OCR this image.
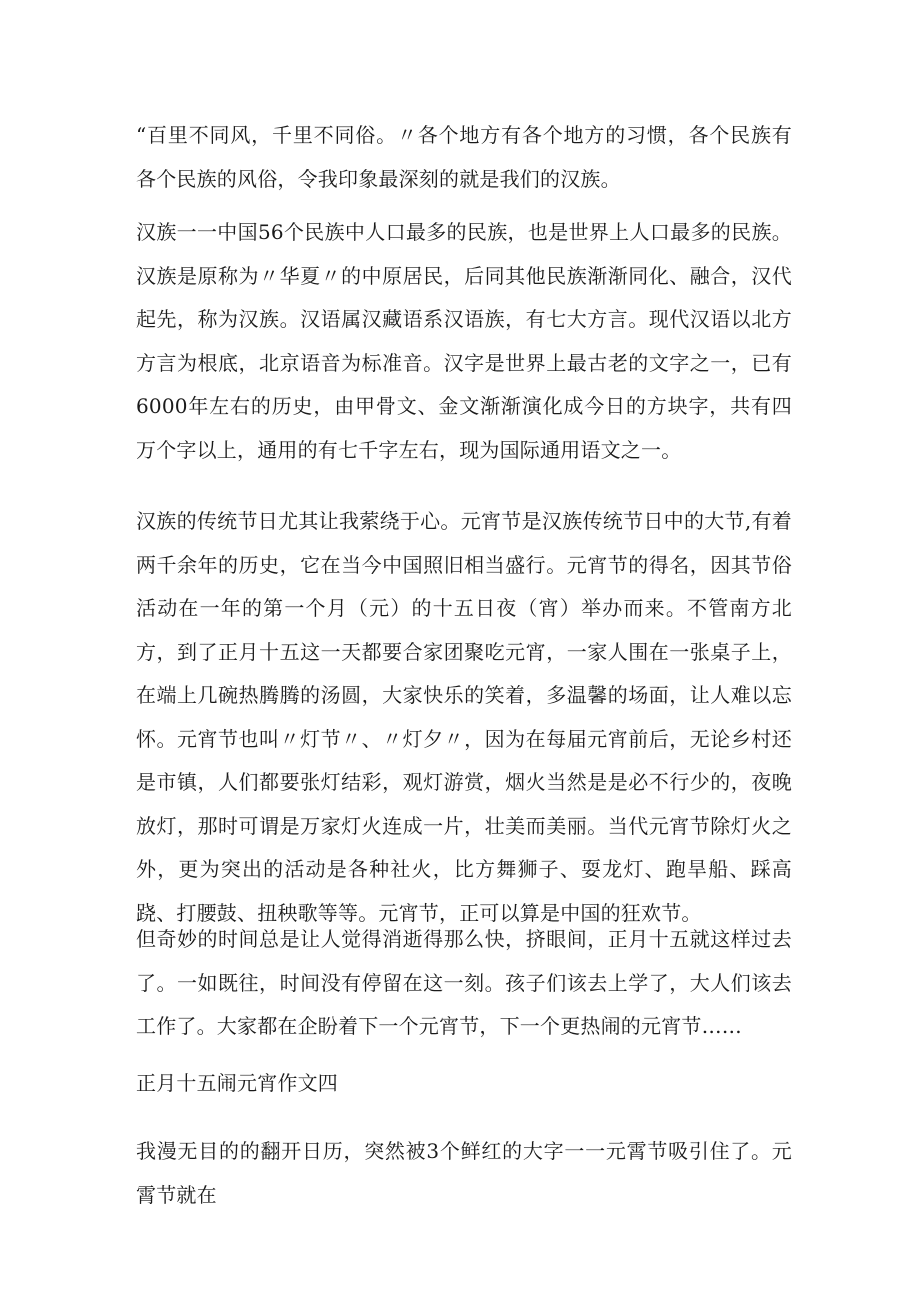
“百里不同风，千里不同俗。〃各个地方有各个地方的习惯，各个民族有各个民族的风俗，令我印象最深刻的就是我们的汉族。

汉族一一中国56个民族中人口最多的民族，也是世界上人口最多的民族。汉族是原称为〃华夏〃的中原居民，后同其他民族渐渐同化、融合，汉代起先，称为汉族。汉语属汉藏语系汉语族，有七大方言。现代汉语以北方方言为根底，北京语音为标准音。汉字是世界上最古老的文字之一，已有6000年左右的历史，由甲骨文、金文渐渐演化成今日的方块字，共有四万个字以上，通用的有七千字左右，现为国际通用语文之一。

汉族的传统节日尤其让我萦绕于心。元宵节是汉族传统节日中的大节,有着两千余年的历史，它在当今中国照旧相当盛行。元宵节的得名，因其节俗活动在一年的第一个月（元）的十五日夜（宵）举办而来。不管南方北方，到了正月十五这一天都要合家团聚吃元宵，一家人围在一张桌子上，在端上几碗热腾腾的汤圆，大家快乐的笑着，多温馨的场面，让人难以忘怀。元宵节也叫〃灯节〃、〃灯夕〃，因为在每届元宵前后，无论乡村还是市镇，人们都要张灯结彩，观灯游赏，烟火当然是是必不行少的，夜晚放灯，那时可谓是万家灯火连成一片，壮美而美丽。当代元宵节除灯火之外，更为突出的活动是各种社火，比方舞狮子、耍龙灯、跑旱船、踩高跷、打腰鼓、扭秧歌等等。元宵节，正可以算是中国的狂欢节。

但奇妙的时间总是让人觉得消逝得那么快，挤眼间，正月十五就这样过去了。一如既往，时间没有停留在这一刻。孩子们该去上学了，大人们该去工作了。大家都在企盼着下一个元宵节，下一个更热闹的元宵节……

正月十五闹元宵作文四

我漫无目的的翻开日历，突然被3个鲜红的大字一一元霄节吸引住了。元霄节就在
